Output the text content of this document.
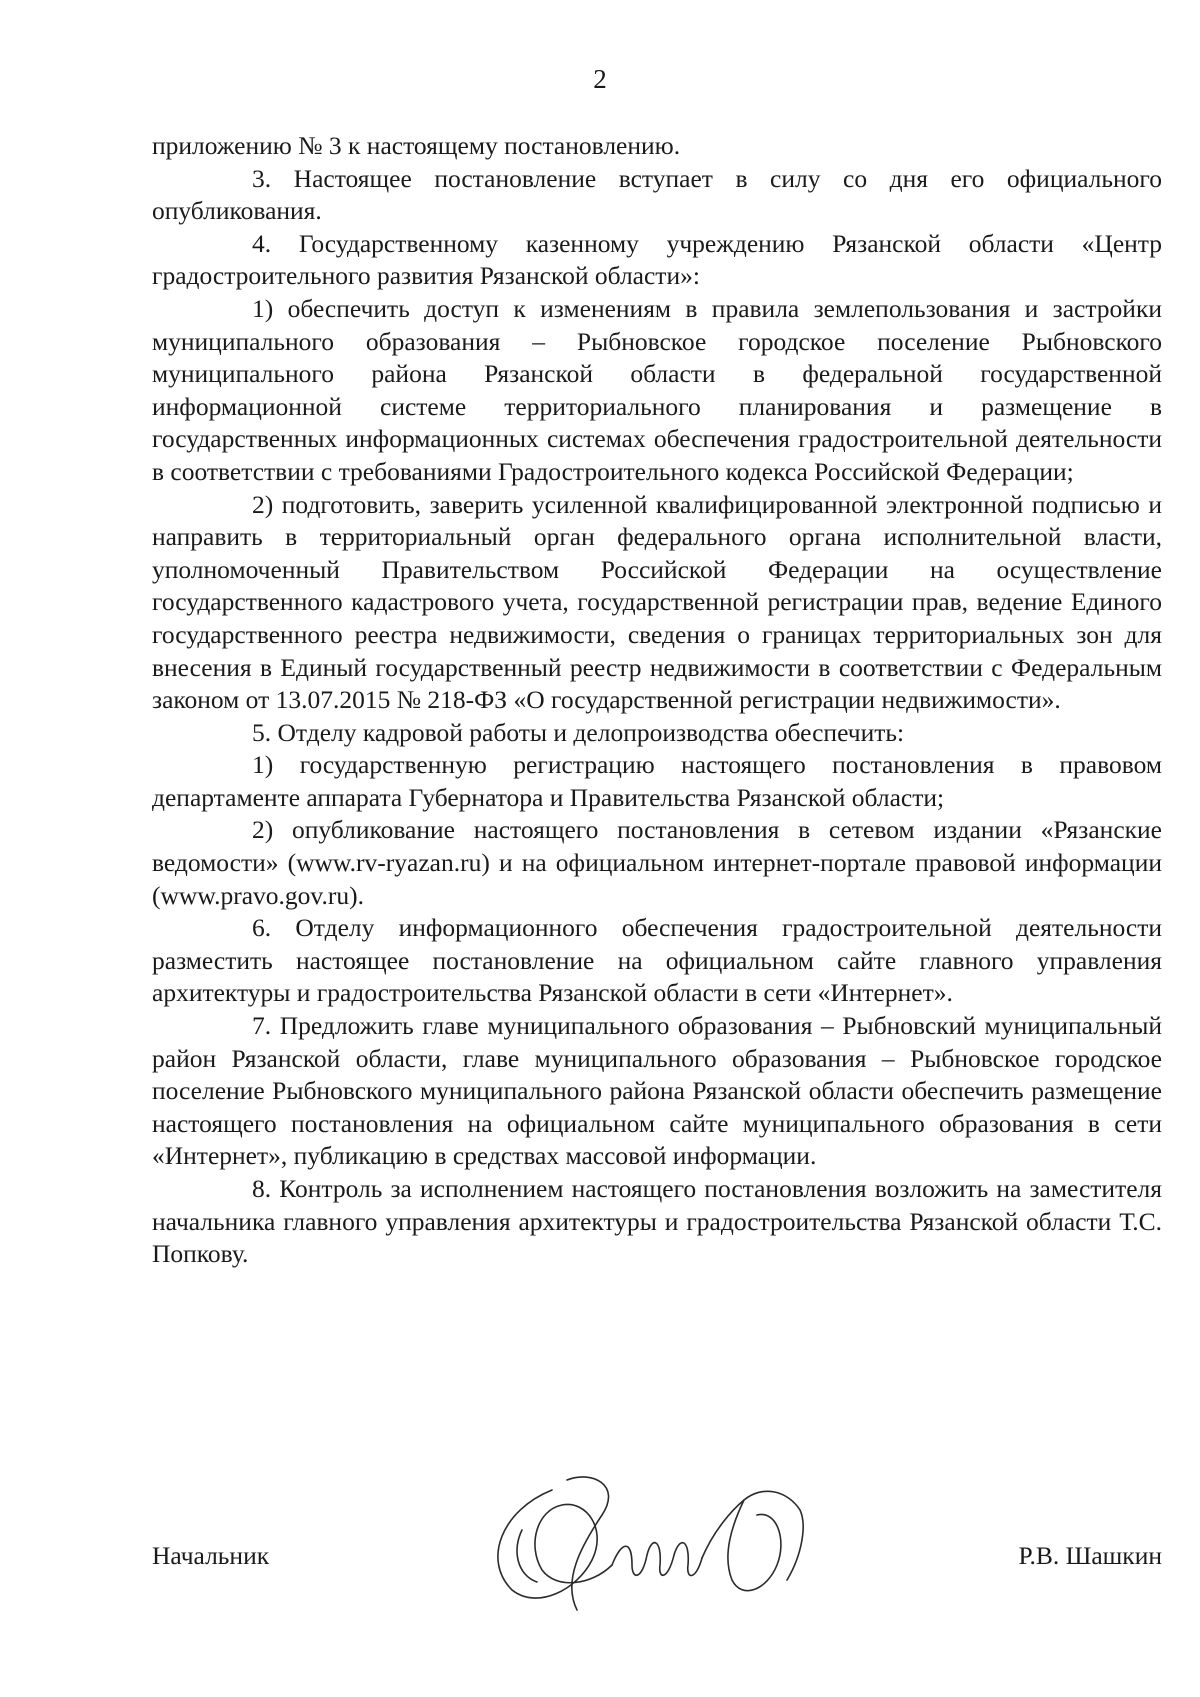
2

приложению № 3 к настоящему постановлению.

3. Настоящее постановление вступает в силу со дня его официального опубликования.

4. Государственному казенному учреждению Рязанской области «Центр градостроительного развития Рязанской области»:

1) обеспечить доступ к изменениям в правила землепользования и застройки муниципального образования – Рыбновское городское поселение Рыбновского муниципального района Рязанской области в федеральной государственной информационной системе территориального планирования и размещение в государственных информационных системах обеспечения градостроительной деятельности в соответствии с требованиями Градостроительного кодекса Российской Федерации;

2) подготовить, заверить усиленной квалифицированной электронной подписью и направить в территориальный орган федерального органа исполнительной власти, уполномоченный Правительством Российской Федерации на осуществление государственного кадастрового учета, государственной регистрации прав, ведение Единого государственного реестра недвижимости, сведения о границах территориальных зон для внесения в Единый государственный реестр недвижимости в соответствии с Федеральным законом от 13.07.2015 № 218-ФЗ «О государственной регистрации недвижимости».

5. Отделу кадровой работы и делопроизводства обеспечить:

1) государственную регистрацию настоящего постановления в правовом департаменте аппарата Губернатора и Правительства Рязанской области;

2) опубликование настоящего постановления в сетевом издании «Рязанские ведомости» (www.rv-ryazan.ru) и на официальном интернет-портале правовой информации (www.pravo.gov.ru).

6. Отделу информационного обеспечения градостроительной деятельности разместить настоящее постановление на официальном сайте главного управления архитектуры и градостроительства Рязанской области в сети «Интернет».

7. Предложить главе муниципального образования – Рыбновский муниципальный район Рязанской области, главе муниципального образования – Рыбновское городское поселение Рыбновского муниципального района Рязанской области обеспечить размещение настоящего постановления на официальном сайте муниципального образования в сети «Интернет», публикацию в средствах массовой информации.

8. Контроль за исполнением настоящего постановления возложить на заместителя начальника главного управления архитектуры и градостроительства Рязанской области Т.С. Попкову.

Начальник	Р.В. Шашкин
